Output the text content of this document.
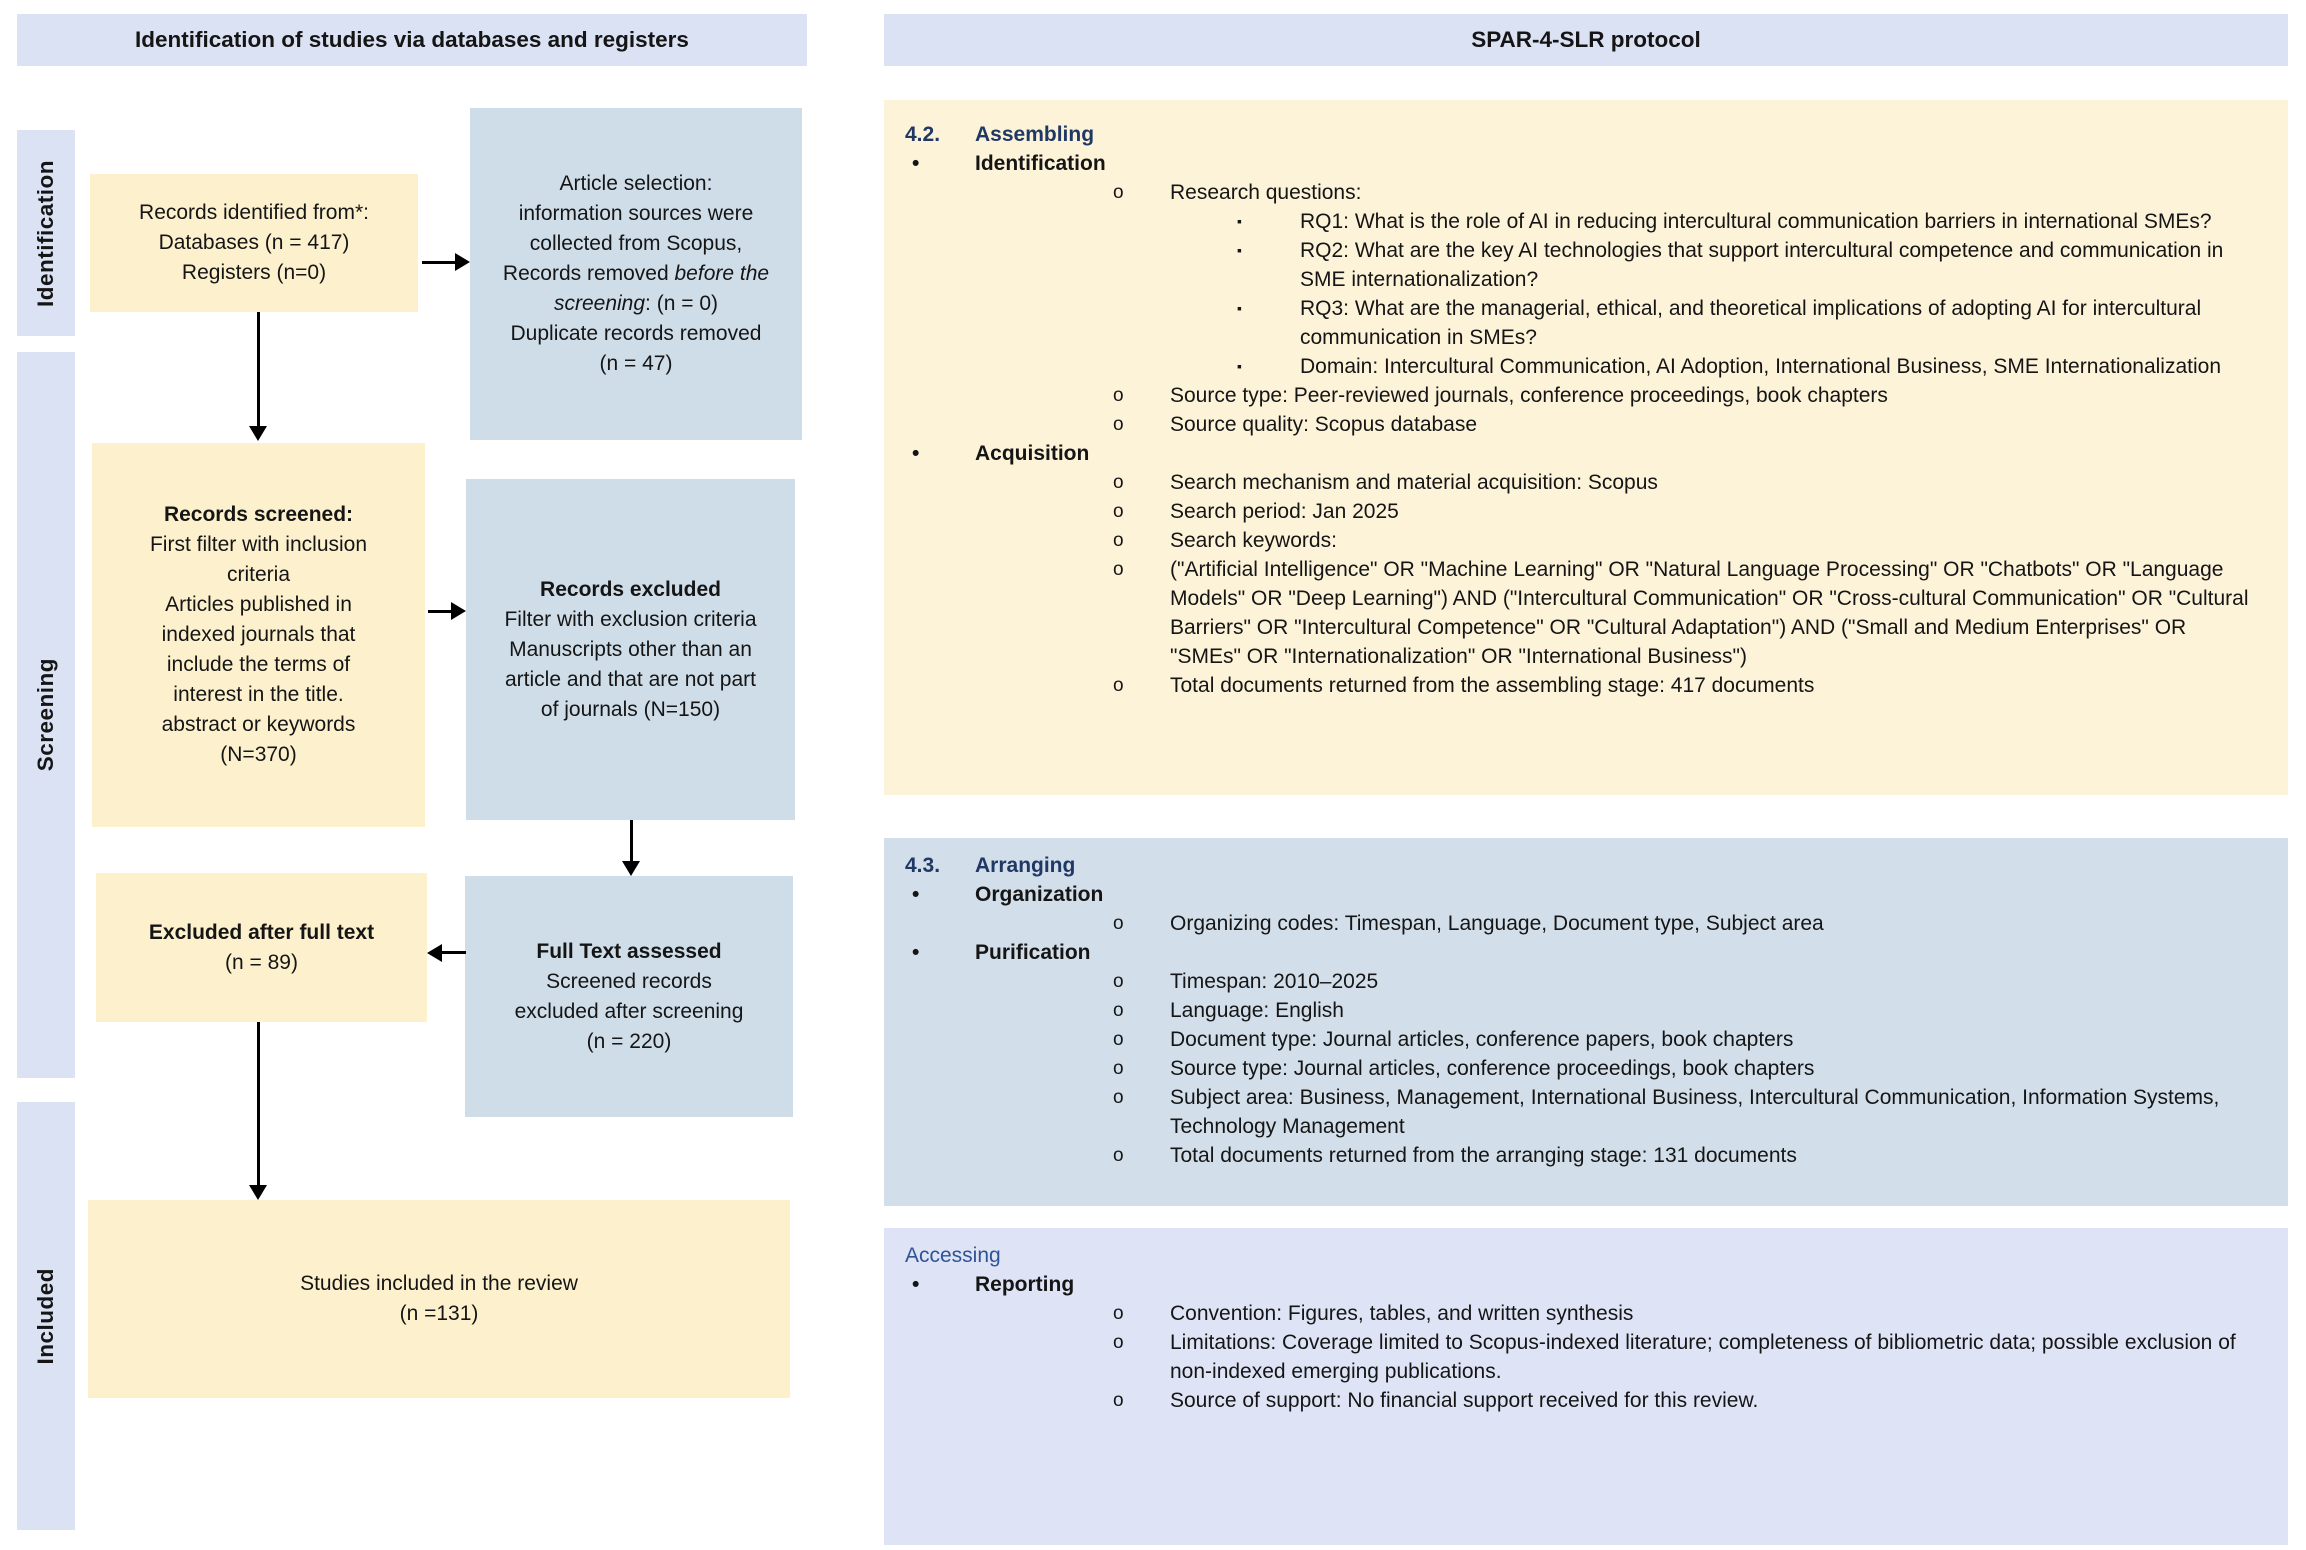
Identification of studies via databases and registers
Identification
Screening
Included
Records identified from*:
Databases (n = 417)
Registers (n=0)
Article selection:
information sources were
collected from Scopus,
Records removed before the
screening: (n = 0)
Duplicate records removed
(n = 47)
Records screened:
First filter with inclusion
criteria
Articles published in
indexed journals that
include the terms of
interest in the title.
abstract or keywords
(N=370)
Records excluded
Filter with exclusion criteria
Manuscripts other than an
article and that are not part
of journals (N=150)
Excluded after full text
(n = 89)	Full Text assessed
Screened records
excluded after screening
(n = 220)
Studies included in the review
(n =131)
SPAR-4-SLR protocol
4.2.	Assembling
•	Identification
o	Research questions:
▪	RQ1: What is the role of AI in reducing intercultural communication barriers in international SMEs?
▪	RQ2: What are the key AI technologies that support intercultural competence and communication in SME internationalization?
▪	RQ3: What are the managerial, ethical, and theoretical implications of adopting AI for intercultural communication in SMEs?
▪	Domain: Intercultural Communication, AI Adoption, International Business, SME Internationalization
o	Source type: Peer-reviewed journals, conference proceedings, book chapters
o	Source quality: Scopus database
•	Acquisition
o	Search mechanism and material acquisition: Scopus
o	Search period: Jan 2025
o	Search keywords:
o	("Artificial Intelligence" OR "Machine Learning" OR "Natural Language Processing" OR "Chatbots" OR "Language Models" OR "Deep Learning") AND ("Intercultural Communication" OR "Cross-cultural Communication" OR "Cultural Barriers" OR "Intercultural Competence" OR "Cultural Adaptation") AND ("Small and Medium Enterprises" OR "SMEs" OR "Internationalization" OR "International Business")
o	Total documents returned from the assembling stage: 417 documents
4.3.	Arranging
•	Organization
o	Organizing codes: Timespan, Language, Document type, Subject area
•	Purification
o	Timespan: 2010–2025
o	Language: English
o	Document type: Journal articles, conference papers, book chapters
o	Source type: Journal articles, conference proceedings, book chapters
o	Subject area: Business, Management, International Business, Intercultural Communication, Information Systems, Technology Management
o	Total documents returned from the arranging stage: 131 documents
Accessing
•	Reporting
o	Convention: Figures, tables, and written synthesis
o	Limitations: Coverage limited to Scopus-indexed literature; completeness of bibliometric data; possible exclusion of non-indexed emerging publications.
o	Source of support: No financial support received for this review.
